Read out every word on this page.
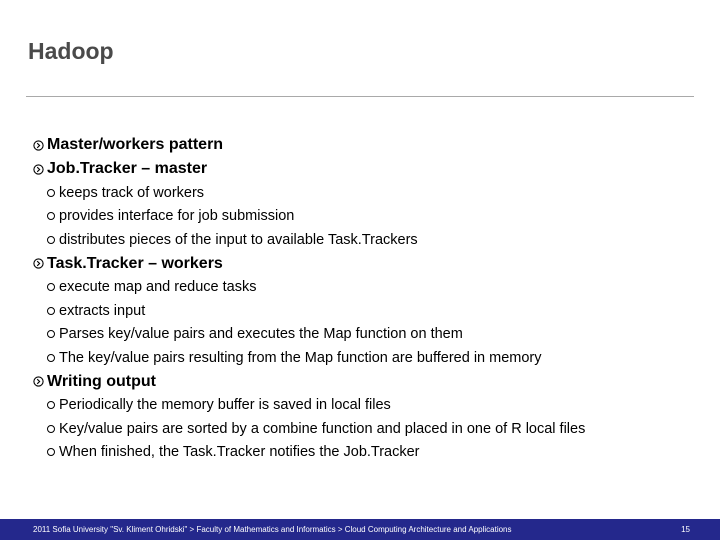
Hadoop
Master/workers pattern
Job.Tracker – master
keeps track of workers
provides interface for job submission
distributes pieces of the input to available Task.Trackers
Task.Tracker – workers
execute map and reduce tasks
extracts input
Parses key/value pairs and executes the Map function on them
The key/value pairs resulting from the Map function are buffered in memory
Writing output
Periodically the memory buffer is saved in local files
Key/value pairs are sorted by a combine function and placed in one of R local files
When finished, the Task.Tracker notifies the Job.Tracker
2011 Sofia University "Sv. Kliment Ohridski" > Faculty of Mathematics and Informatics > Cloud Computing Architecture and Applications	15
